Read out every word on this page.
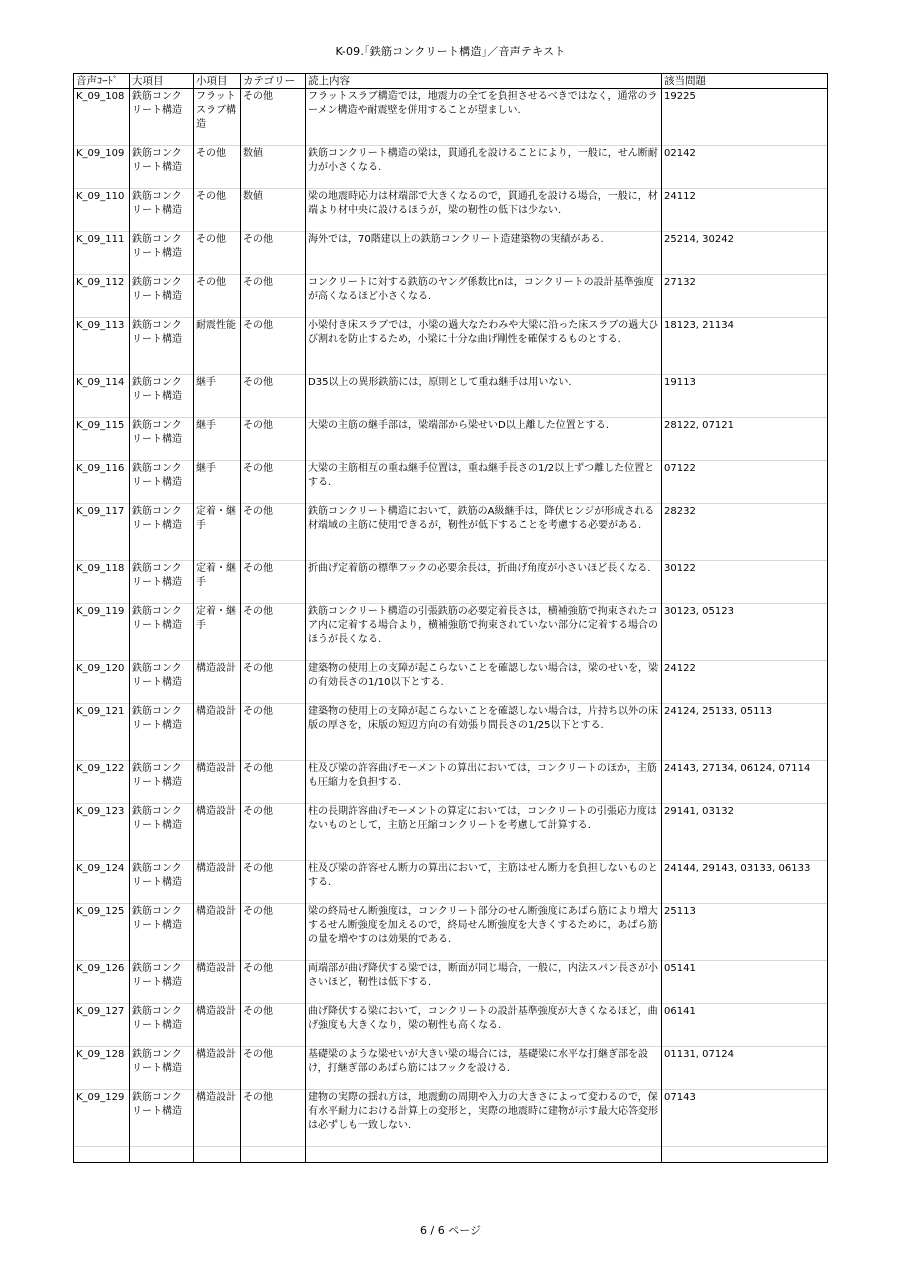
K-09.｢鉄筋コンクリート構造｣／音声テキスト
音声ｺｰﾄﾞ	大項目	小項目	カテゴリー	読上内容	該当問題
K_09_108	鉄筋コンクリート構造	フラットスラブ構造	その他	フラットスラブ構造では，地震力の全てを負担させるべきではなく，通常のラーメン構造や耐震壁を併用することが望ましい.	19225
K_09_109	鉄筋コンクリート構造	その他	数値	鉄筋コンクリート構造の梁は，貫通孔を設けることにより，一般に，せん断耐力が小さくなる.	02142
K_09_110	鉄筋コンクリート構造	その他	数値	梁の地震時応力は材端部で大きくなるので，貫通孔を設ける場合，一般に，材端より材中央に設けるほうが，梁の靭性の低下は少ない.	24112
K_09_111	鉄筋コンクリート構造	その他	その他	海外では，70階建以上の鉄筋コンクリート造建築物の実績がある.	25214, 30242
K_09_112	鉄筋コンクリート構造	その他	その他	コンクリートに対する鉄筋のヤング係数比nは，コンクリートの設計基準強度が高くなるほど小さくなる.	27132
K_09_113	鉄筋コンクリート構造	耐震性能	その他	小梁付き床スラブでは，小梁の過大なたわみや大梁に沿った床スラブの過大ひび割れを防止するため，小梁に十分な曲げ剛性を確保するものとする.	18123, 21134
K_09_114	鉄筋コンクリート構造	継手	その他	D35以上の異形鉄筋には，原則として重ね継手は用いない.	19113
K_09_115	鉄筋コンクリート構造	継手	その他	大梁の主筋の継手部は，梁端部から梁せいD以上離した位置とする.	28122, 07121
K_09_116	鉄筋コンクリート構造	継手	その他	大梁の主筋相互の重ね継手位置は，重ね継手長さの1/2以上ずつ離した位置とする.	07122
K_09_117	鉄筋コンクリート構造	定着・継手	その他	鉄筋コンクリート構造において，鉄筋のA級継手は，降伏ヒンジが形成される材端域の主筋に使用できるが，靭性が低下することを考慮する必要がある.	28232
K_09_118	鉄筋コンクリート構造	定着・継手	その他	折曲げ定着筋の標準フックの必要余長は，折曲げ角度が小さいほど長くなる.	30122
K_09_119	鉄筋コンクリート構造	定着・継手	その他	鉄筋コンクリート構造の引張鉄筋の必要定着長さは，横補強筋で拘束されたコア内に定着する場合より，横補強筋で拘束されていない部分に定着する場合のほうが長くなる.	30123, 05123
K_09_120	鉄筋コンクリート構造	構造設計	その他	建築物の使用上の支障が起こらないことを確認しない場合は，梁のせいを，梁の有効長さの1/10以下とする.	24122
K_09_121	鉄筋コンクリート構造	構造設計	その他	建築物の使用上の支障が起こらないことを確認しない場合は，片持ち以外の床版の厚さを，床版の短辺方向の有効張り間長さの1/25以下とする.	24124, 25133, 05113
K_09_122	鉄筋コンクリート構造	構造設計	その他	柱及び梁の許容曲げモーメントの算出においては，コンクリートのほか，主筋も圧縮力を負担する.	24143, 27134, 06124, 07114
K_09_123	鉄筋コンクリート構造	構造設計	その他	柱の長期許容曲げモーメントの算定においては，コンクリートの引張応力度はないものとして，主筋と圧縮コンクリートを考慮して計算する.	29141, 03132
K_09_124	鉄筋コンクリート構造	構造設計	その他	柱及び梁の許容せん断力の算出において，主筋はせん断力を負担しないものとする.	24144, 29143, 03133, 06133
K_09_125	鉄筋コンクリート構造	構造設計	その他	梁の終局せん断強度は，コンクリート部分のせん断強度にあばら筋により増大するせん断強度を加えるので，終局せん断強度を大きくするために，あばら筋の量を増やすのは効果的である.	25113
K_09_126	鉄筋コンクリート構造	構造設計	その他	両端部が曲げ降伏する梁では，断面が同じ場合，一般に，内法スパン長さが小さいほど，靭性は低下する.	05141
K_09_127	鉄筋コンクリート構造	構造設計	その他	曲げ降伏する梁において，コンクリートの設計基準強度が大きくなるほど，曲げ強度も大きくなり，梁の靭性も高くなる.	06141
K_09_128	鉄筋コンクリート構造	構造設計	その他	基礎梁のような梁せいが大きい梁の場合には，基礎梁に水平な打継ぎ部を設け，打継ぎ部のあばら筋にはフックを設ける.	01131, 07124
K_09_129	鉄筋コンクリート構造	構造設計	その他	建物の実際の揺れ方は，地震動の周期や入力の大きさによって変わるので，保有水平耐力における計算上の変形と，実際の地震時に建物が示す最大応答変形は必ずしも一致しない.	07143

6 / 6 ページ
